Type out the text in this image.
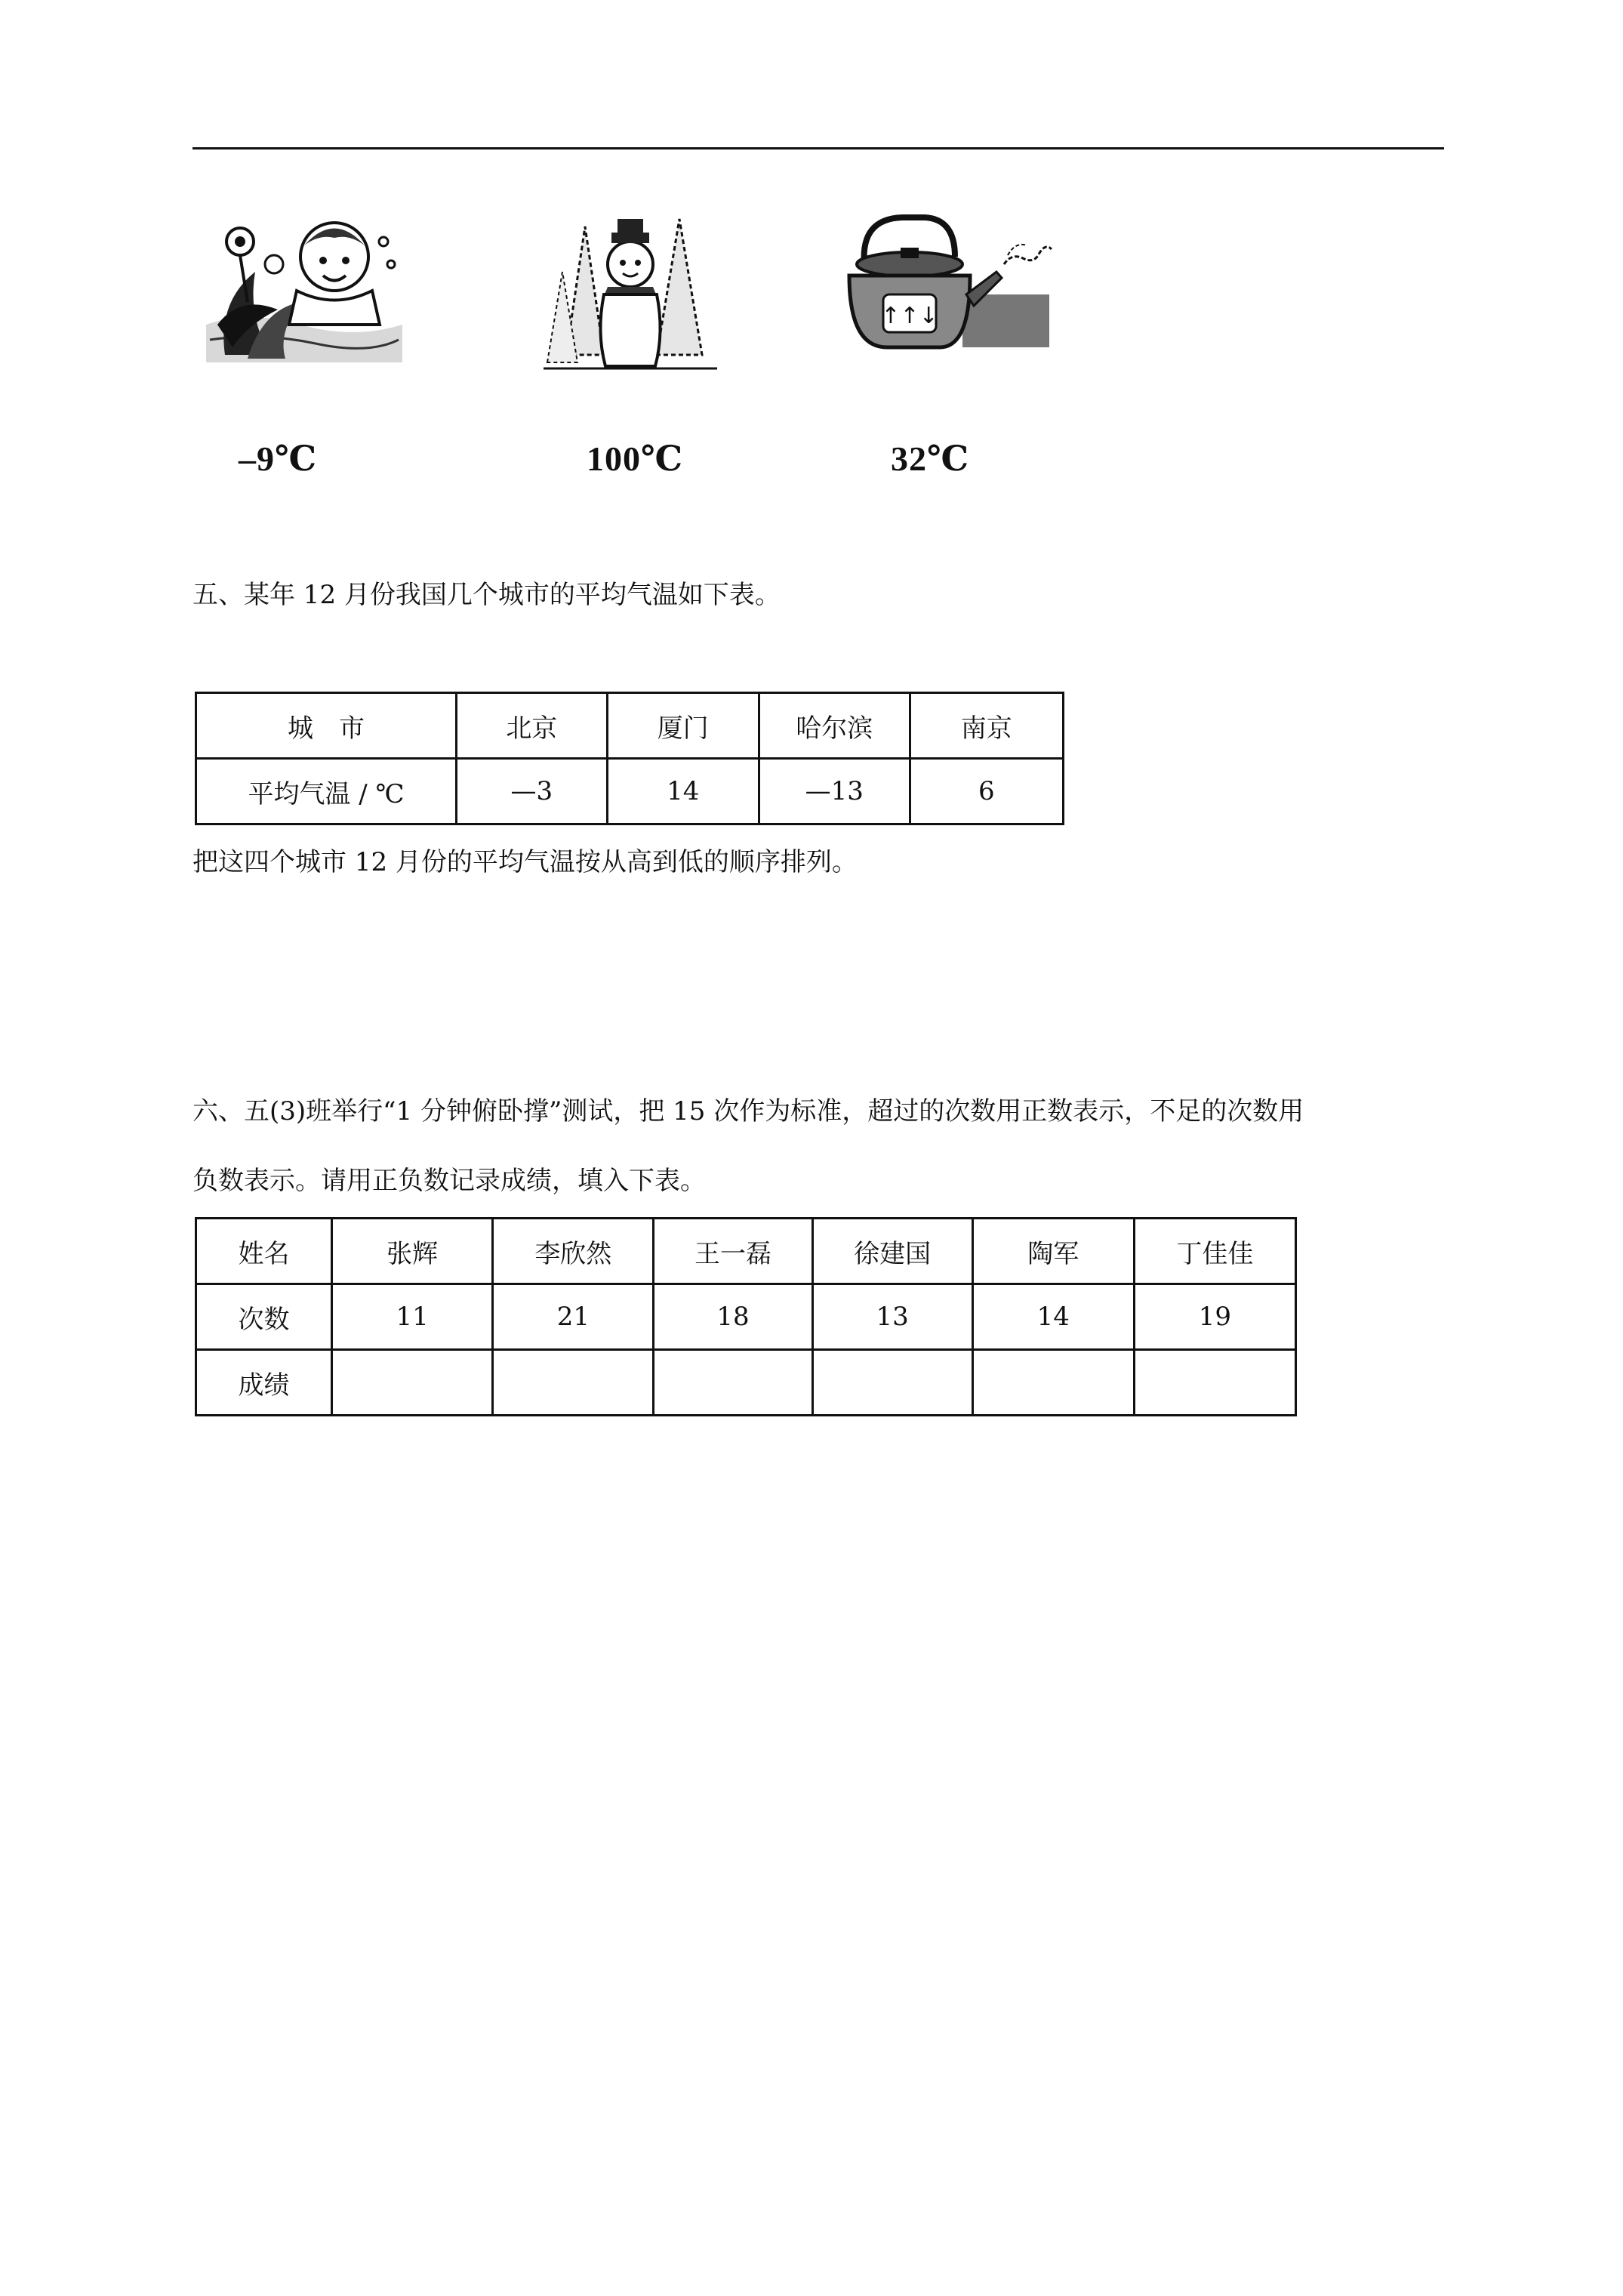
↑↑↓
–9℃	100℃	32℃
五、某年 12 月份我国几个城市的平均气温如下表。
城　市	北京	厦门	哈尔滨	南京
平均气温 / ℃	—3	14	—13	6
把这四个城市 12 月份的平均气温按从高到低的顺序排列。
六、五(3)班举行“1 分钟俯卧撑”测试，把 15 次作为标准，超过的次数用正数表示，不足的次数用
负数表示。请用正负数记录成绩，填入下表。
姓名	张辉	李欣然	王一磊	徐建国	陶军	丁佳佳
次数	11	21	18	13	14	19
成绩						
